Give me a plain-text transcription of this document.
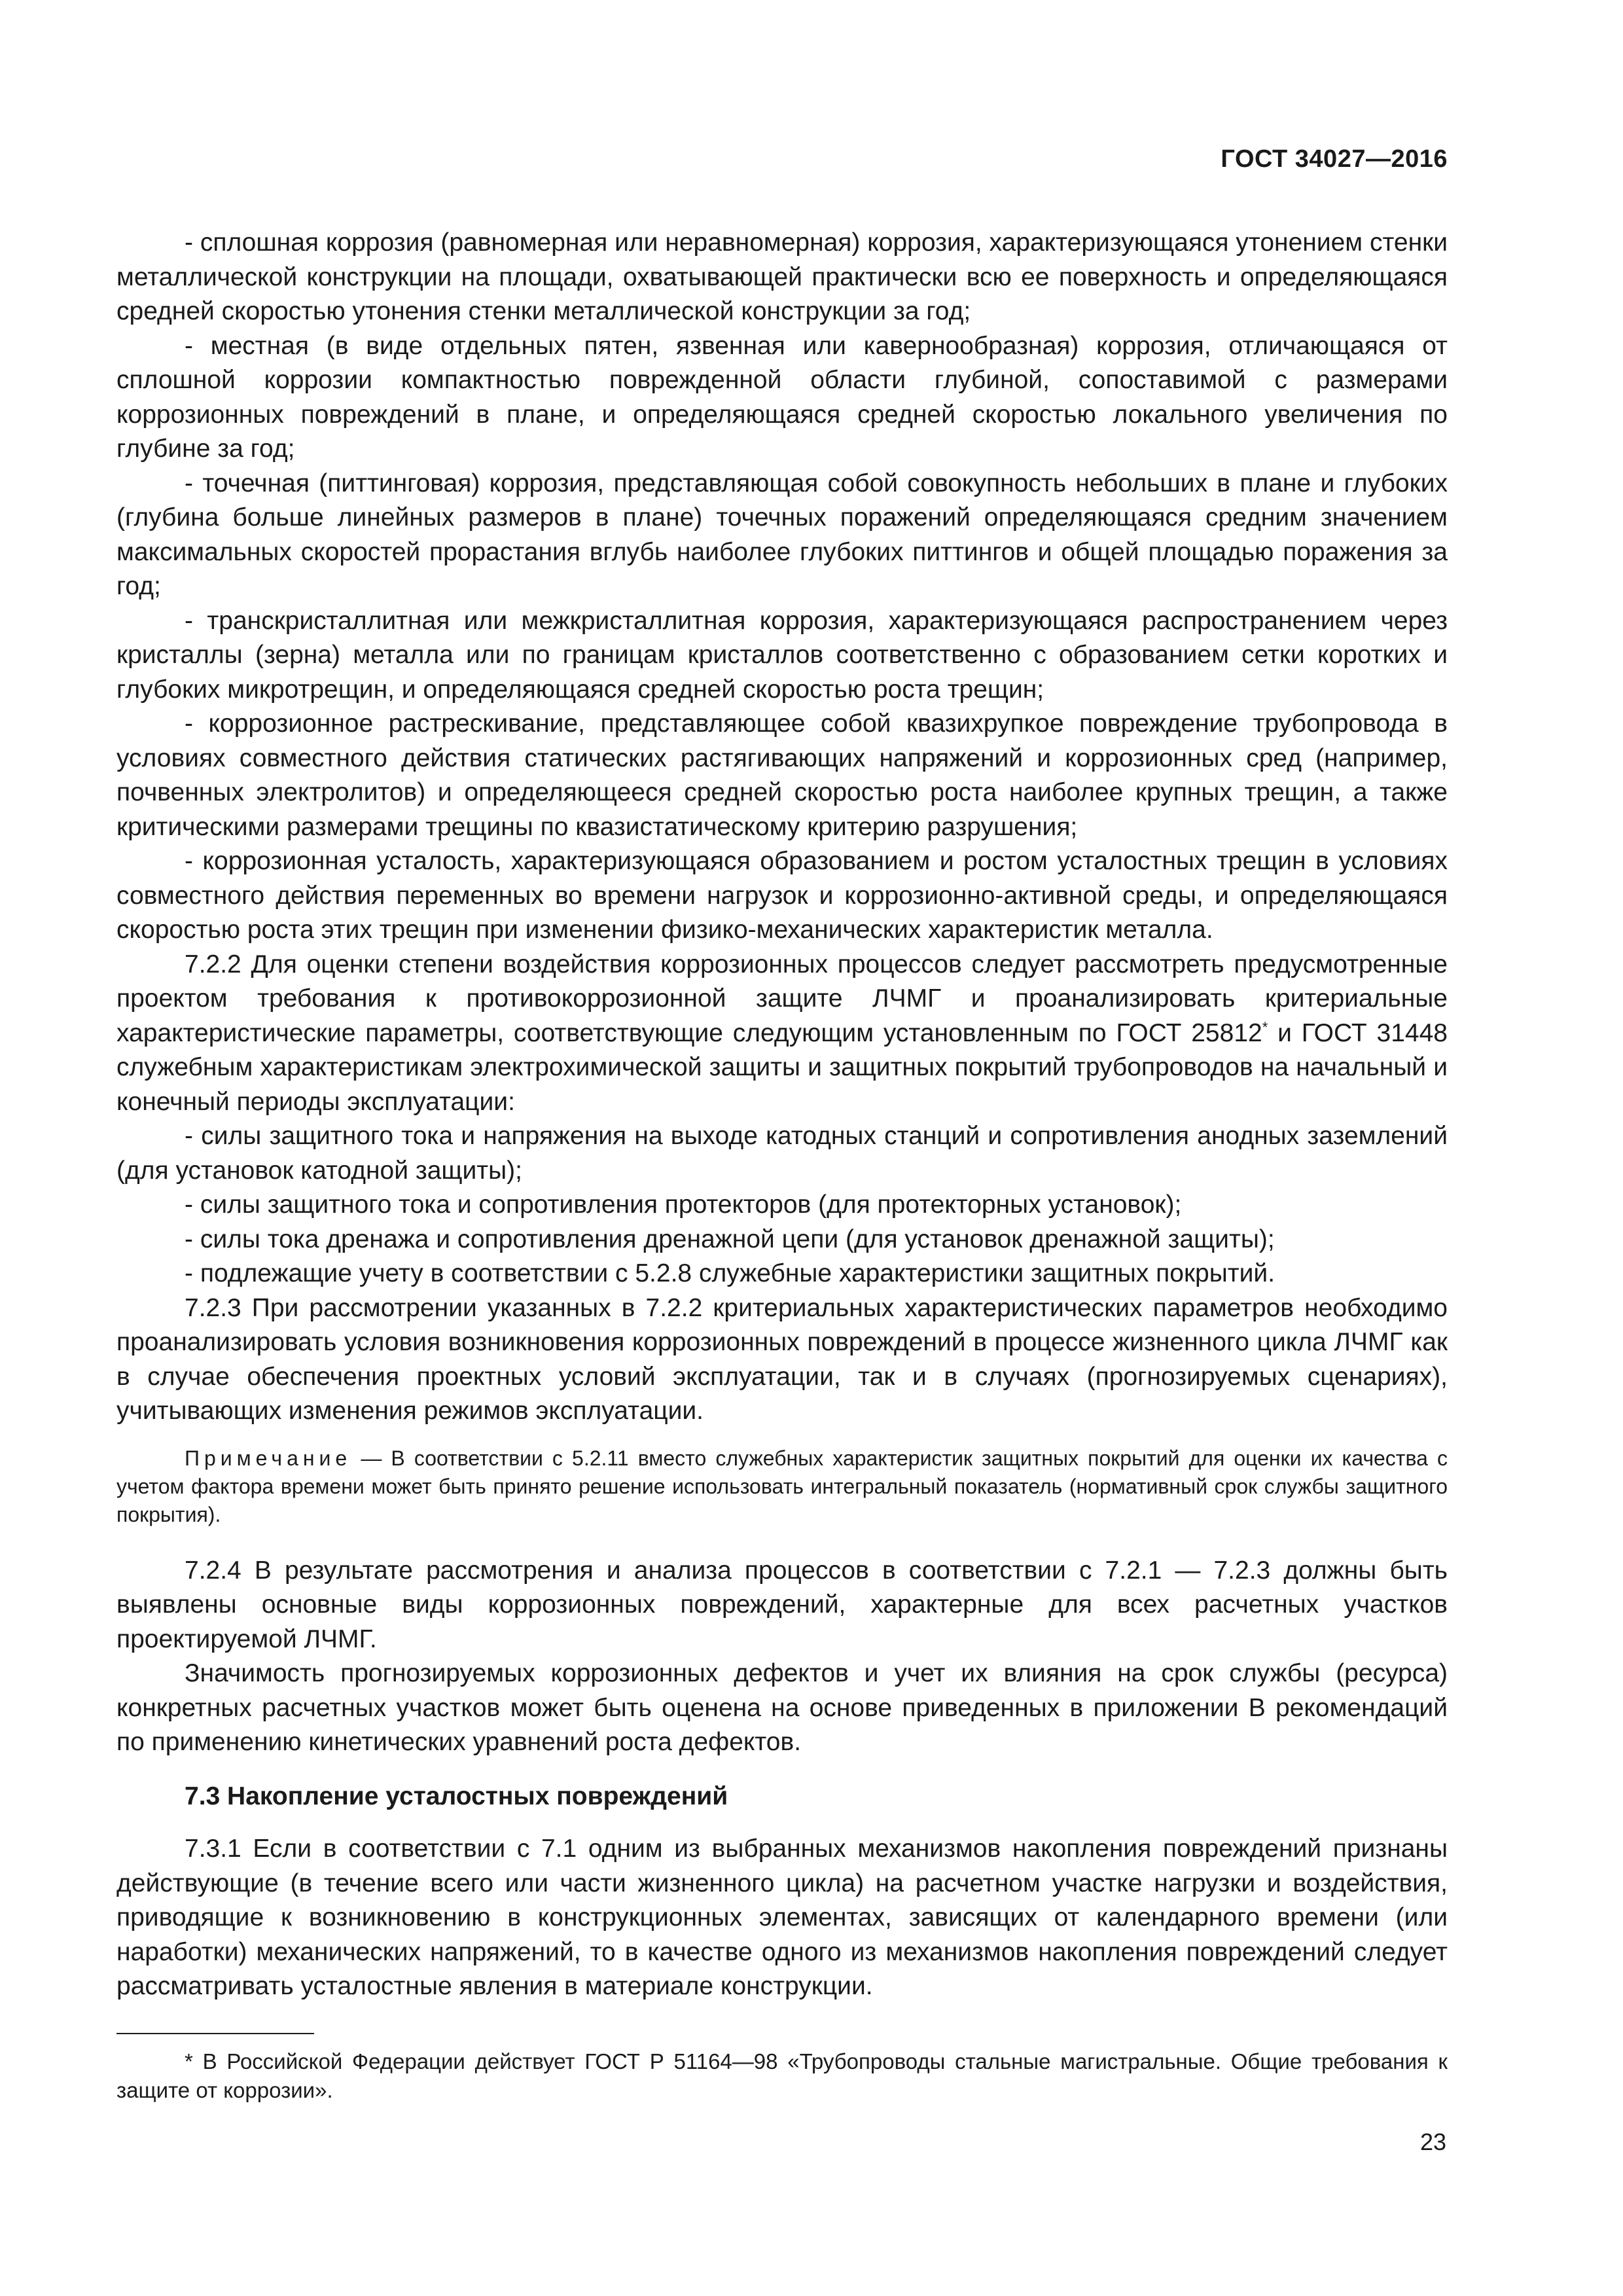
ГОСТ 34027—2016

- сплошная коррозия (равномерная или неравномерная) коррозия, характеризующаяся утонением стенки металлической конструкции на площади, охватывающей практически всю ее поверхность и определяющаяся средней скоростью утонения стенки металлической конструкции за год;

- местная (в виде отдельных пятен, язвенная или кавернообразная) коррозия, отличающаяся от сплошной коррозии компактностью поврежденной области глубиной, сопоставимой с размерами коррозионных повреждений в плане, и определяющаяся средней скоростью локального увеличения по глубине за год;

- точечная (питтинговая) коррозия, представляющая собой совокупность небольших в плане и глубоких (глубина больше линейных размеров в плане) точечных поражений определяющаяся средним значением максимальных скоростей прорастания вглубь наиболее глубоких питтингов и общей площадью поражения за год;

- транскристаллитная или межкристаллитная коррозия, характеризующаяся распространением через кристаллы (зерна) металла или по границам кристаллов соответственно с образованием сетки коротких и глубоких микротрещин, и определяющаяся средней скоростью роста трещин;

- коррозионное растрескивание, представляющее собой квазихрупкое повреждение трубопровода в условиях совместного действия статических растягивающих напряжений и коррозионных сред (например, почвенных электролитов) и определяющееся средней скоростью роста наиболее крупных трещин, а также критическими размерами трещины по квазистатическому критерию разрушения;

- коррозионная усталость, характеризующаяся образованием и ростом усталостных трещин в условиях совместного действия переменных во времени нагрузок и коррозионно-активной среды, и определяющаяся скоростью роста этих трещин при изменении физико-механических характеристик металла.

7.2.2 Для оценки степени воздействия коррозионных процессов следует рассмотреть предусмотренные проектом требования к противокоррозионной защите ЛЧМГ и проанализировать критериальные характеристические параметры, соответствующие следующим установленным по ГОСТ 25812* и ГОСТ 31448 служебным характеристикам электрохимической защиты и защитных покрытий трубопроводов на начальный и конечный периоды эксплуатации:

- силы защитного тока и напряжения на выходе катодных станций и сопротивления анодных заземлений (для установок катодной защиты);

- силы защитного тока и сопротивления протекторов (для протекторных установок);

- силы тока дренажа и сопротивления дренажной цепи (для установок дренажной защиты);

- подлежащие учету в соответствии с 5.2.8 служебные характеристики защитных покрытий.

7.2.3 При рассмотрении указанных в 7.2.2 критериальных характеристических параметров необходимо проанализировать условия возникновения коррозионных повреждений в процессе жизненного цикла ЛЧМГ как в случае обеспечения проектных условий эксплуатации, так и в случаях (прогнозируемых сценариях), учитывающих изменения режимов эксплуатации.

Примечание — В соответствии с 5.2.11 вместо служебных характеристик защитных покрытий для оценки их качества с учетом фактора времени может быть принято решение использовать интегральный показатель (нормативный срок службы защитного покрытия).

7.2.4 В результате рассмотрения и анализа процессов в соответствии с 7.2.1 — 7.2.3 должны быть выявлены основные виды коррозионных повреждений, характерные для всех расчетных участков проектируемой ЛЧМГ.

Значимость прогнозируемых коррозионных дефектов и учет их влияния на срок службы (ресурса) конкретных расчетных участков может быть оценена на основе приведенных в приложении В рекомендаций по применению кинетических уравнений роста дефектов.

7.3 Накопление усталостных повреждений

7.3.1 Если в соответствии с 7.1 одним из выбранных механизмов накопления повреждений признаны действующие (в течение всего или части жизненного цикла) на расчетном участке нагрузки и воздействия, приводящие к возникновению в конструкционных элементах, зависящих от календарного времени (или наработки) механических напряжений, то в качестве одного из механизмов накопления повреждений следует рассматривать усталостные явления в материале конструкции.

* В Российской Федерации действует ГОСТ Р 51164—98 «Трубопроводы стальные магистральные. Общие требования к защите от коррозии».

23
